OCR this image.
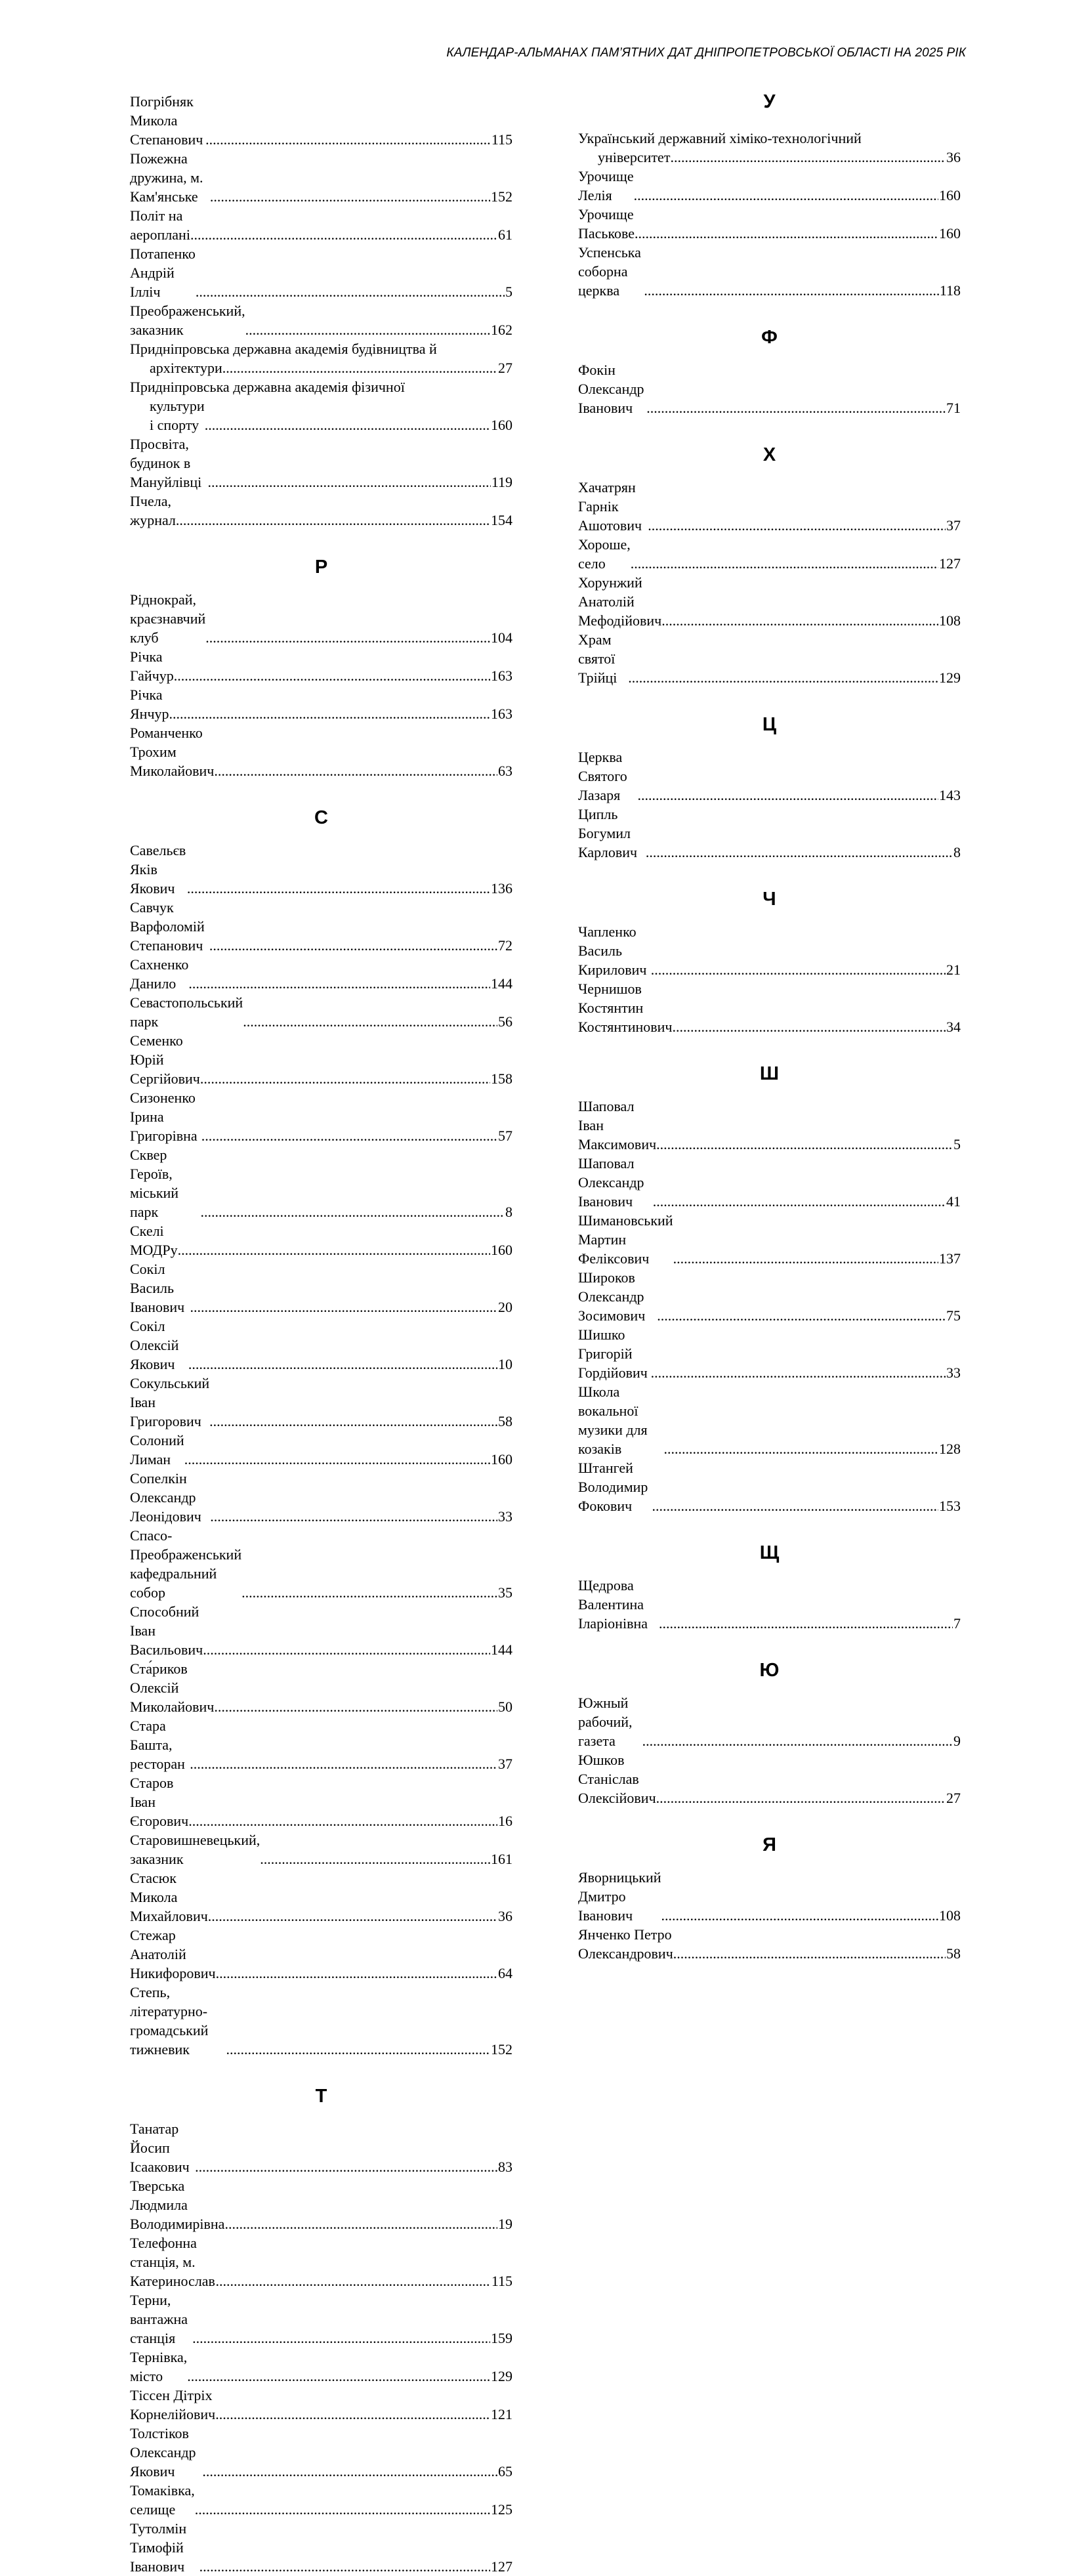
КАЛЕНДАР-АЛЬМАНАХ ПАМ’ЯТНИХ ДАТ ДНІПРОПЕТРОВСЬКОЇ ОБЛАСТІ НА 2025 РІК
Погрібняк Микола Степанович .....	115
Пожежна дружина, м. Кам'янське .....	152
Політ на аероплані .....	61
Потапенко Андрій Ілліч .....	5
Преображенський, заказник .....	162
Придніпровська державна академія будівництва й
архітектури .....	27
Придніпровська державна академія фізичної
культури і спорту .....	160
Просвіта, будинок в Мануйлівці .....	119
Пчела, журнал .....	154
Р
Ріднокрай, краєзнавчий клуб .....	104
Річка Гайчур .....	163
Річка Янчур .....	163
Романченко Трохим Миколайович .....	63
С
Савельєв Яків Якович .....	136
Савчук Варфоломій Степанович .....	72
Сахненко Данило .....	144
Севастопольський парк .....	56
Семенко Юрій Сергійович .....	158
Сизоненко Ірина Григорівна .....	57
Сквер Героїв, міський парк .....	8
Скелі МОДРу .....	160
Сокіл Василь Іванович .....	20
Сокіл Олексій Якович .....	10
Сокульський Іван Григорович .....	58
Солоний Лиман .....	160
Сопелкін Олександр Леонідович .....	33
Спасо- Преображенський кафедральний собор .....	35
Способний Іван Васильович .....	144
Ста́риков Олексій Миколайович .....	50
Стара Башта, ресторан .....	37
Старов Іван Єгорович .....	16
Старовишневецький, заказник .....	161
Стасюк Микола Михайлович .....	36
Стежар Анатолій Никифорович .....	64
Степь, літературно-громадський тижневик .....	152
Т
Танатар Йосип Ісаакович .....	83
Тверська Людмила Володимирівна .....	19
Телефонна станція, м. Катеринослав .....	115
Терни, вантажна станція .....	159
Тернівка, місто .....	129
Тіссен Дітріх Корнелійович .....	121
Толстіков Олександр Якович .....	65
Томаківка, селище .....	125
Тутолмін Тимофій Іванович .....	127
У
Український державний хіміко-технологічний
університет .....	36
Урочище Лелія .....	160
Урочище Паськове .....	160
Успенська соборна церква .....	118
Ф
Фокін Олександр Іванович .....	71
Х
Хачатрян Гарнік Ашотович .....	37
Хороше, село .....	127
Хорунжий Анатолій Мефодійович .....	108
Храм святої Трійці .....	129
Ц
Церква Святого Лазаря .....	143
Ципль Богумил Карлович .....	8
Ч
Чапленко Василь Кирилович .....	21
Чернишов Костянтин Костянтинович .....	34
Ш
Шаповал Іван Максимович .....	5
Шаповал Олександр Іванович .....	41
Шимановський Мартин Феліксович .....	137
Широков Олександр Зосимович .....	75
Шишко Григорій Гордійович .....	33
Школа вокальної музики для козаків .....	128
Штангей Володимир Фокович .....	153
Щ
Щедрова Валентина Іларіонівна .....	7
Ю
Южный рабочий, газета .....	9
Юшков Станіслав Олексійович .....	27
Я
Яворницький Дмитро Іванович .....	108
Янченко Петро Олександрович .....	58
